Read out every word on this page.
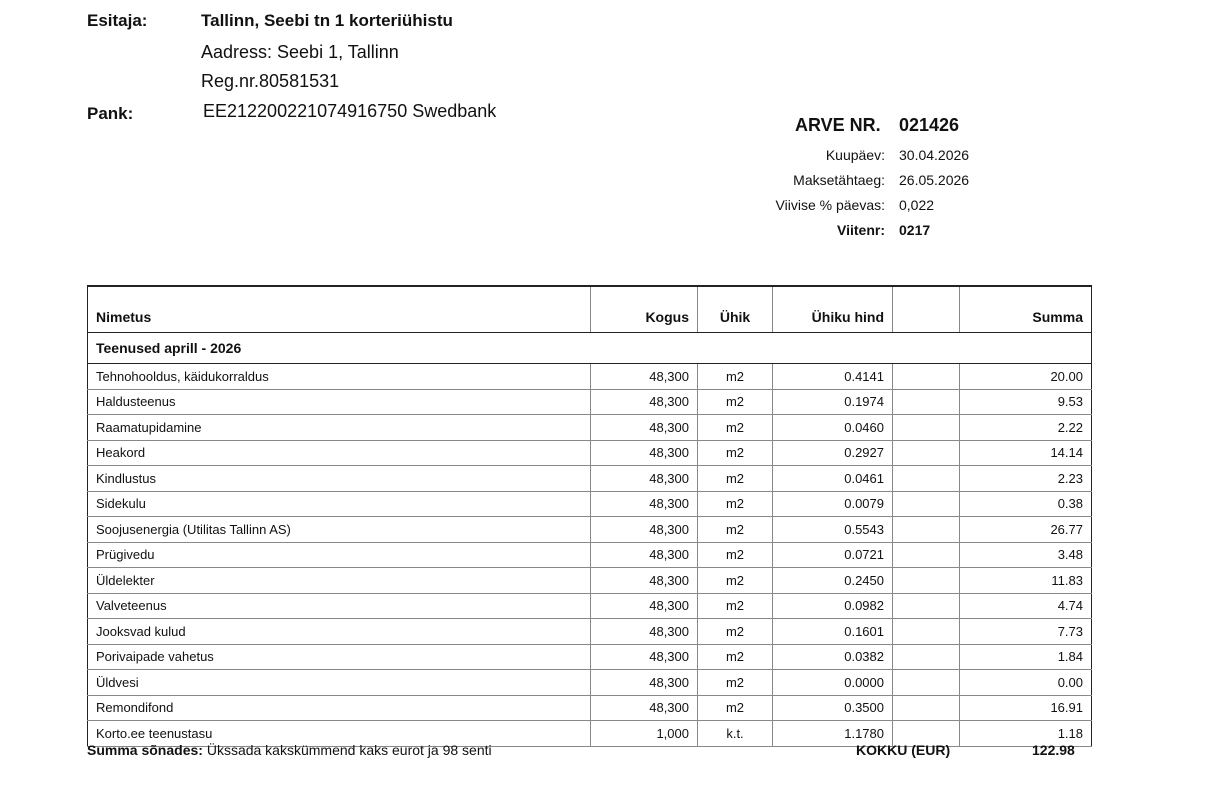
Esitaja:	Tallinn, Seebi tn 1 korteriühistu
Aadress: Seebi 1, Tallinn
Reg.nr.80581531
Pank:	EE212200221074916750 Swedbank
ARVE NR. 021426
Kuupäev: 30.04.2026
Maksetähtaeg: 26.05.2026
Viivise % päevas: 0,022
Viitenr: 0217
Nimetus	Kogus	Ühik	Ühiku hind		Summa
Teenused aprill - 2026					
Tehnohooldus, käidukorraldus	48,300	m2	0.4141		20.00
Haldusteenus	48,300	m2	0.1974		9.53
Raamatupidamine	48,300	m2	0.0460		2.22
Heakord	48,300	m2	0.2927		14.14
Kindlustus	48,300	m2	0.0461		2.23
Sidekulu	48,300	m2	0.0079		0.38
Soojusenergia (Utilitas Tallinn AS)	48,300	m2	0.5543		26.77
Prügivedu	48,300	m2	0.0721		3.48
Üldelekter	48,300	m2	0.2450		11.83
Valveteenus	48,300	m2	0.0982		4.74
Jooksvad kulud	48,300	m2	0.1601		7.73
Porivaipade vahetus	48,300	m2	0.0382		1.84
Üldvesi	48,300	m2	0.0000		0.00
Remondifond	48,300	m2	0.3500		16.91
Korto.ee teenustasu	1,000	k.t.	1.1780		1.18
Summa sõnades: Ükssada kakskümmend kaks eurot ja 98 senti	KOKKU (EUR)	122.98
